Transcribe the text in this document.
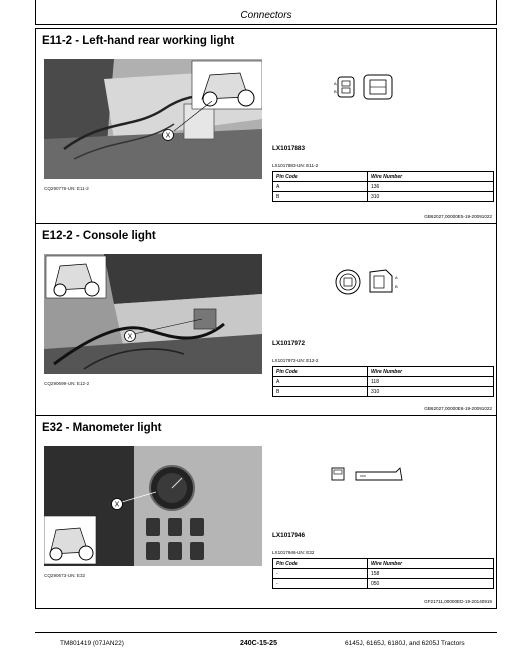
Connectors
E11-2 - Left-hand rear working light
X
CQ290776-UN: E11-2
A
B
LX1017883
LX1017883-UN: E11-2
Pin Code	Wire Number
A	136
B	310
GB62027,00000E5-19-20091022
E12-2 - Console light
X
CQ290699-UN: E12-2
A
B
LX1017972
LX1017972-UN: E12-2
Pin Code	Wire Number
A	118
B	310
GB62027,00000E6-19-20091022
E32 - Manometer light
X
CQ290673-UN: E32
LX1017946
LX1017946-UN: E32
Pin Code	Wire Number
-	158
-	050
GF21711,00000ED-19-20140919
TM801419 (07JAN22)	240C-15-25	6145J, 6165J, 6180J, and 6205J Tractors
